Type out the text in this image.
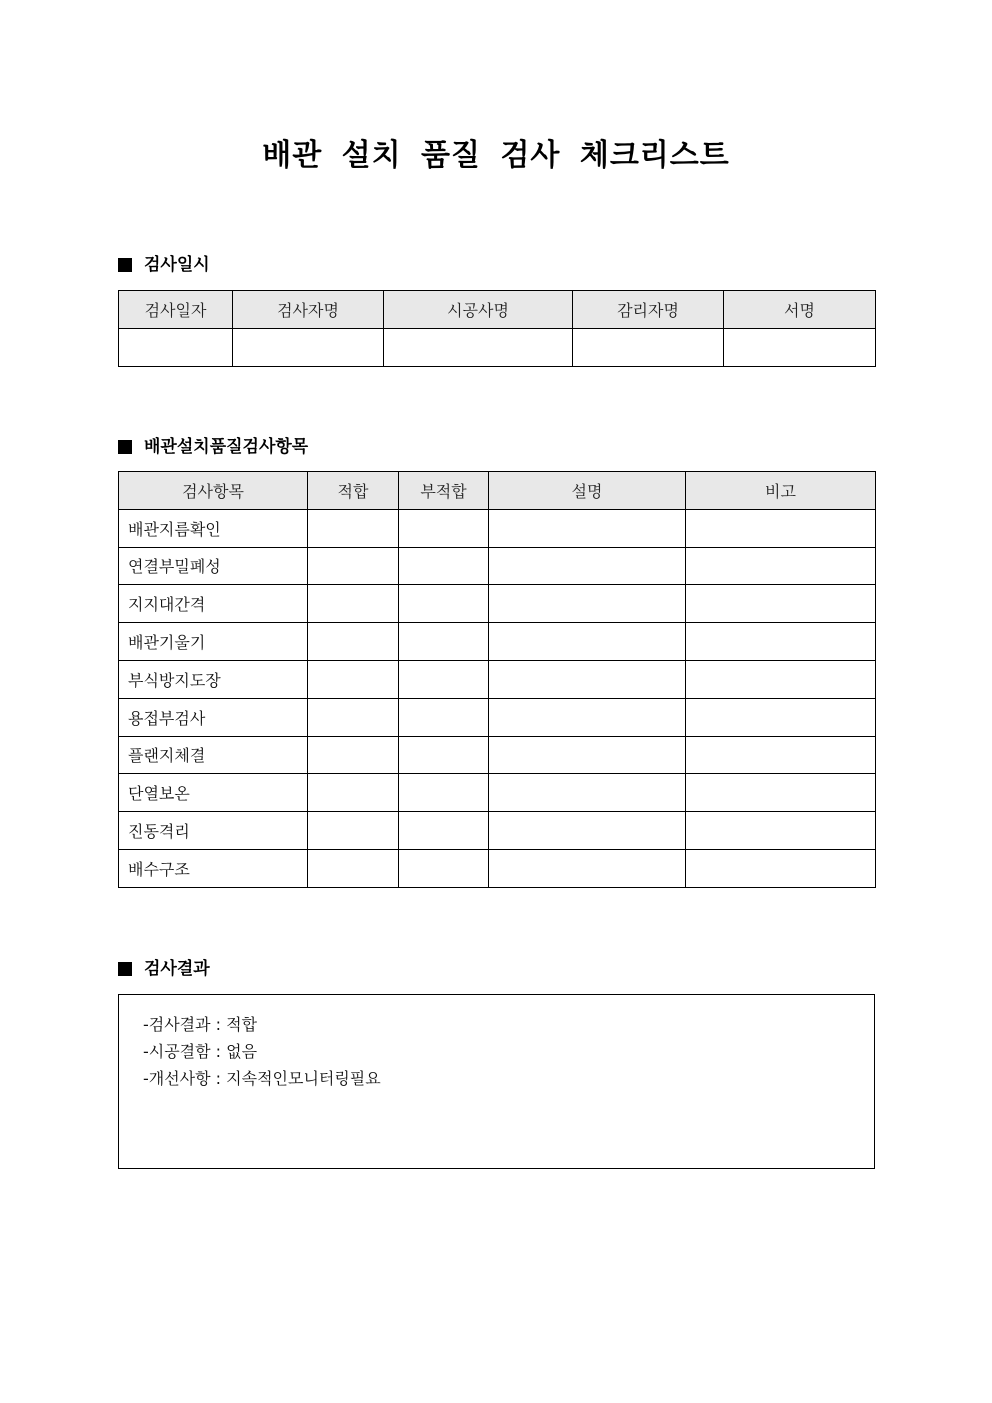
배관 설치 품질 검사 체크리스트
검사일시
검사일자	검사자명	시공사명	감리자명	서명

배관설치품질검사항목
검사항목	적합	부적합	설명	비고
배관지름확인				
연결부밀폐성				
지지대간격				
배관기울기				
부식방지도장				
용접부검사				
플랜지체결				
단열보온				
진동격리				
배수구조				
검사결과
-검사결과 : 적합
-시공결함 : 없음
-개선사항 : 지속적인모니터링필요
